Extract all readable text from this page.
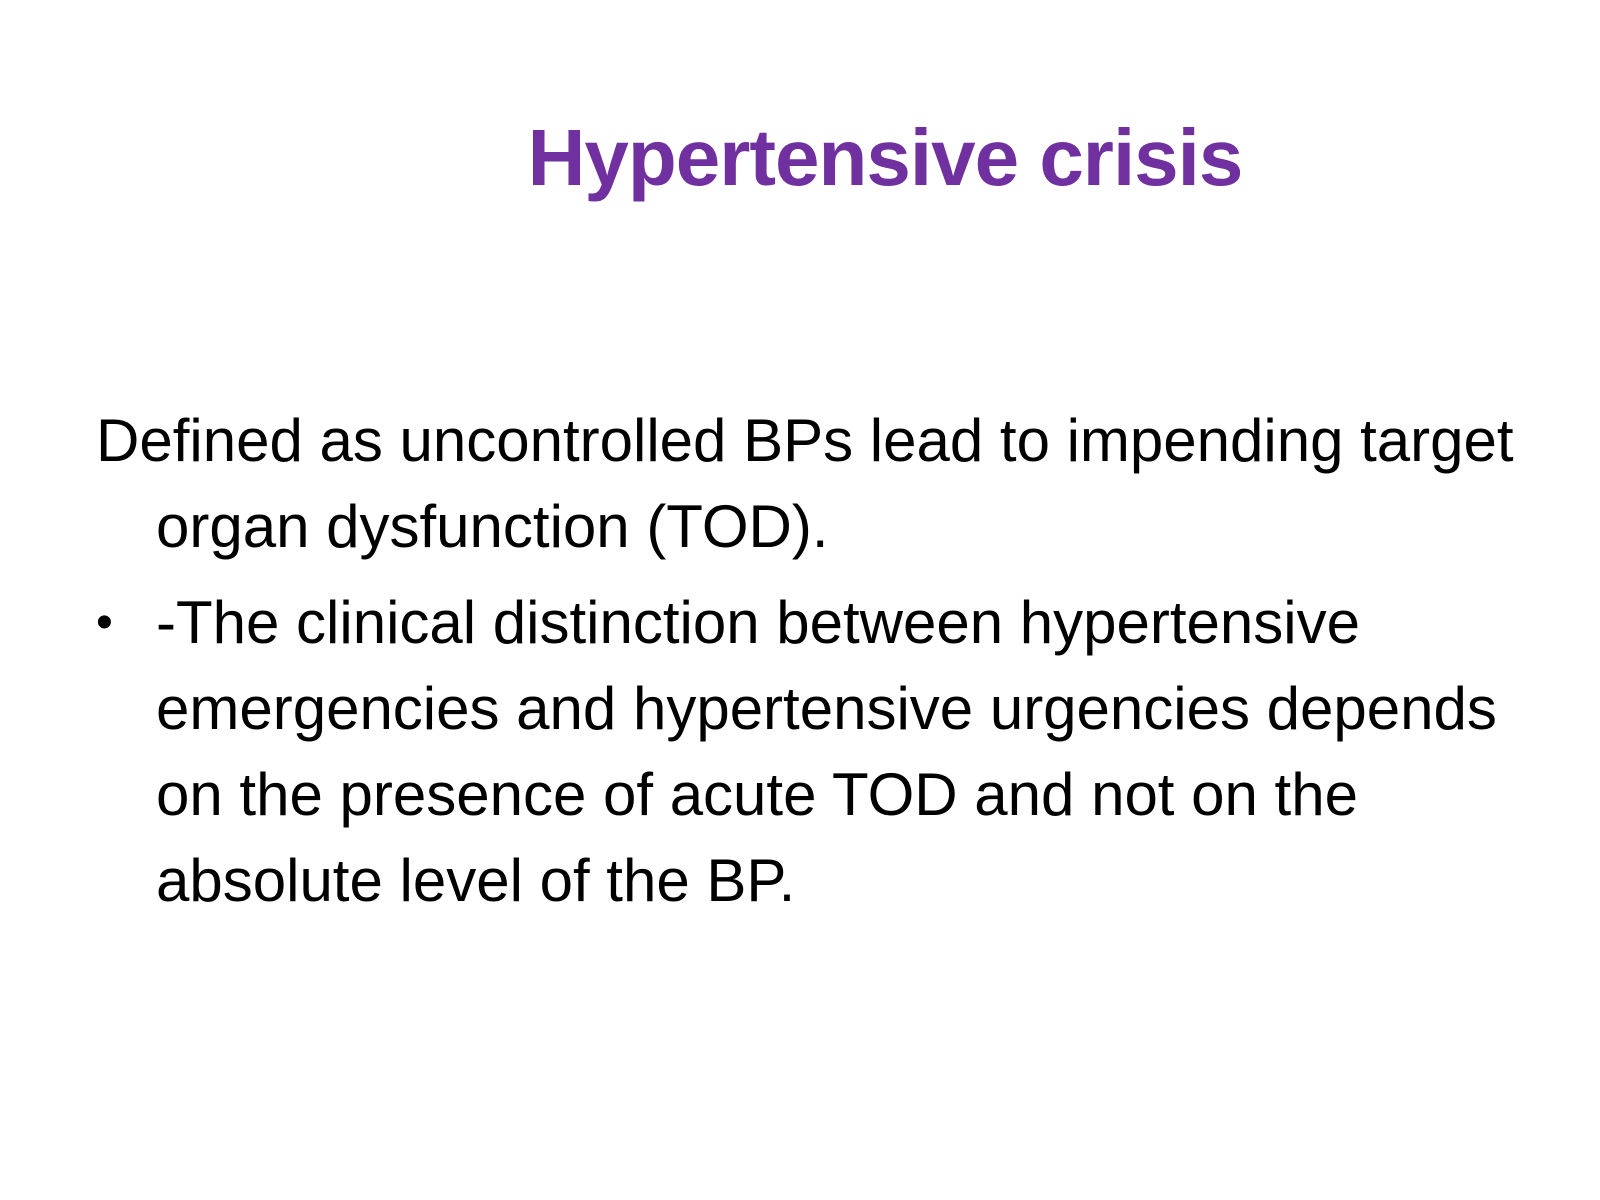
Hypertensive crisis

Defined as uncontrolled BPs lead to impending target organ dysfunction (TOD).

• -The clinical distinction between hypertensive emergencies and hypertensive urgencies depends on the presence of acute TOD and not on the absolute level of the BP.
